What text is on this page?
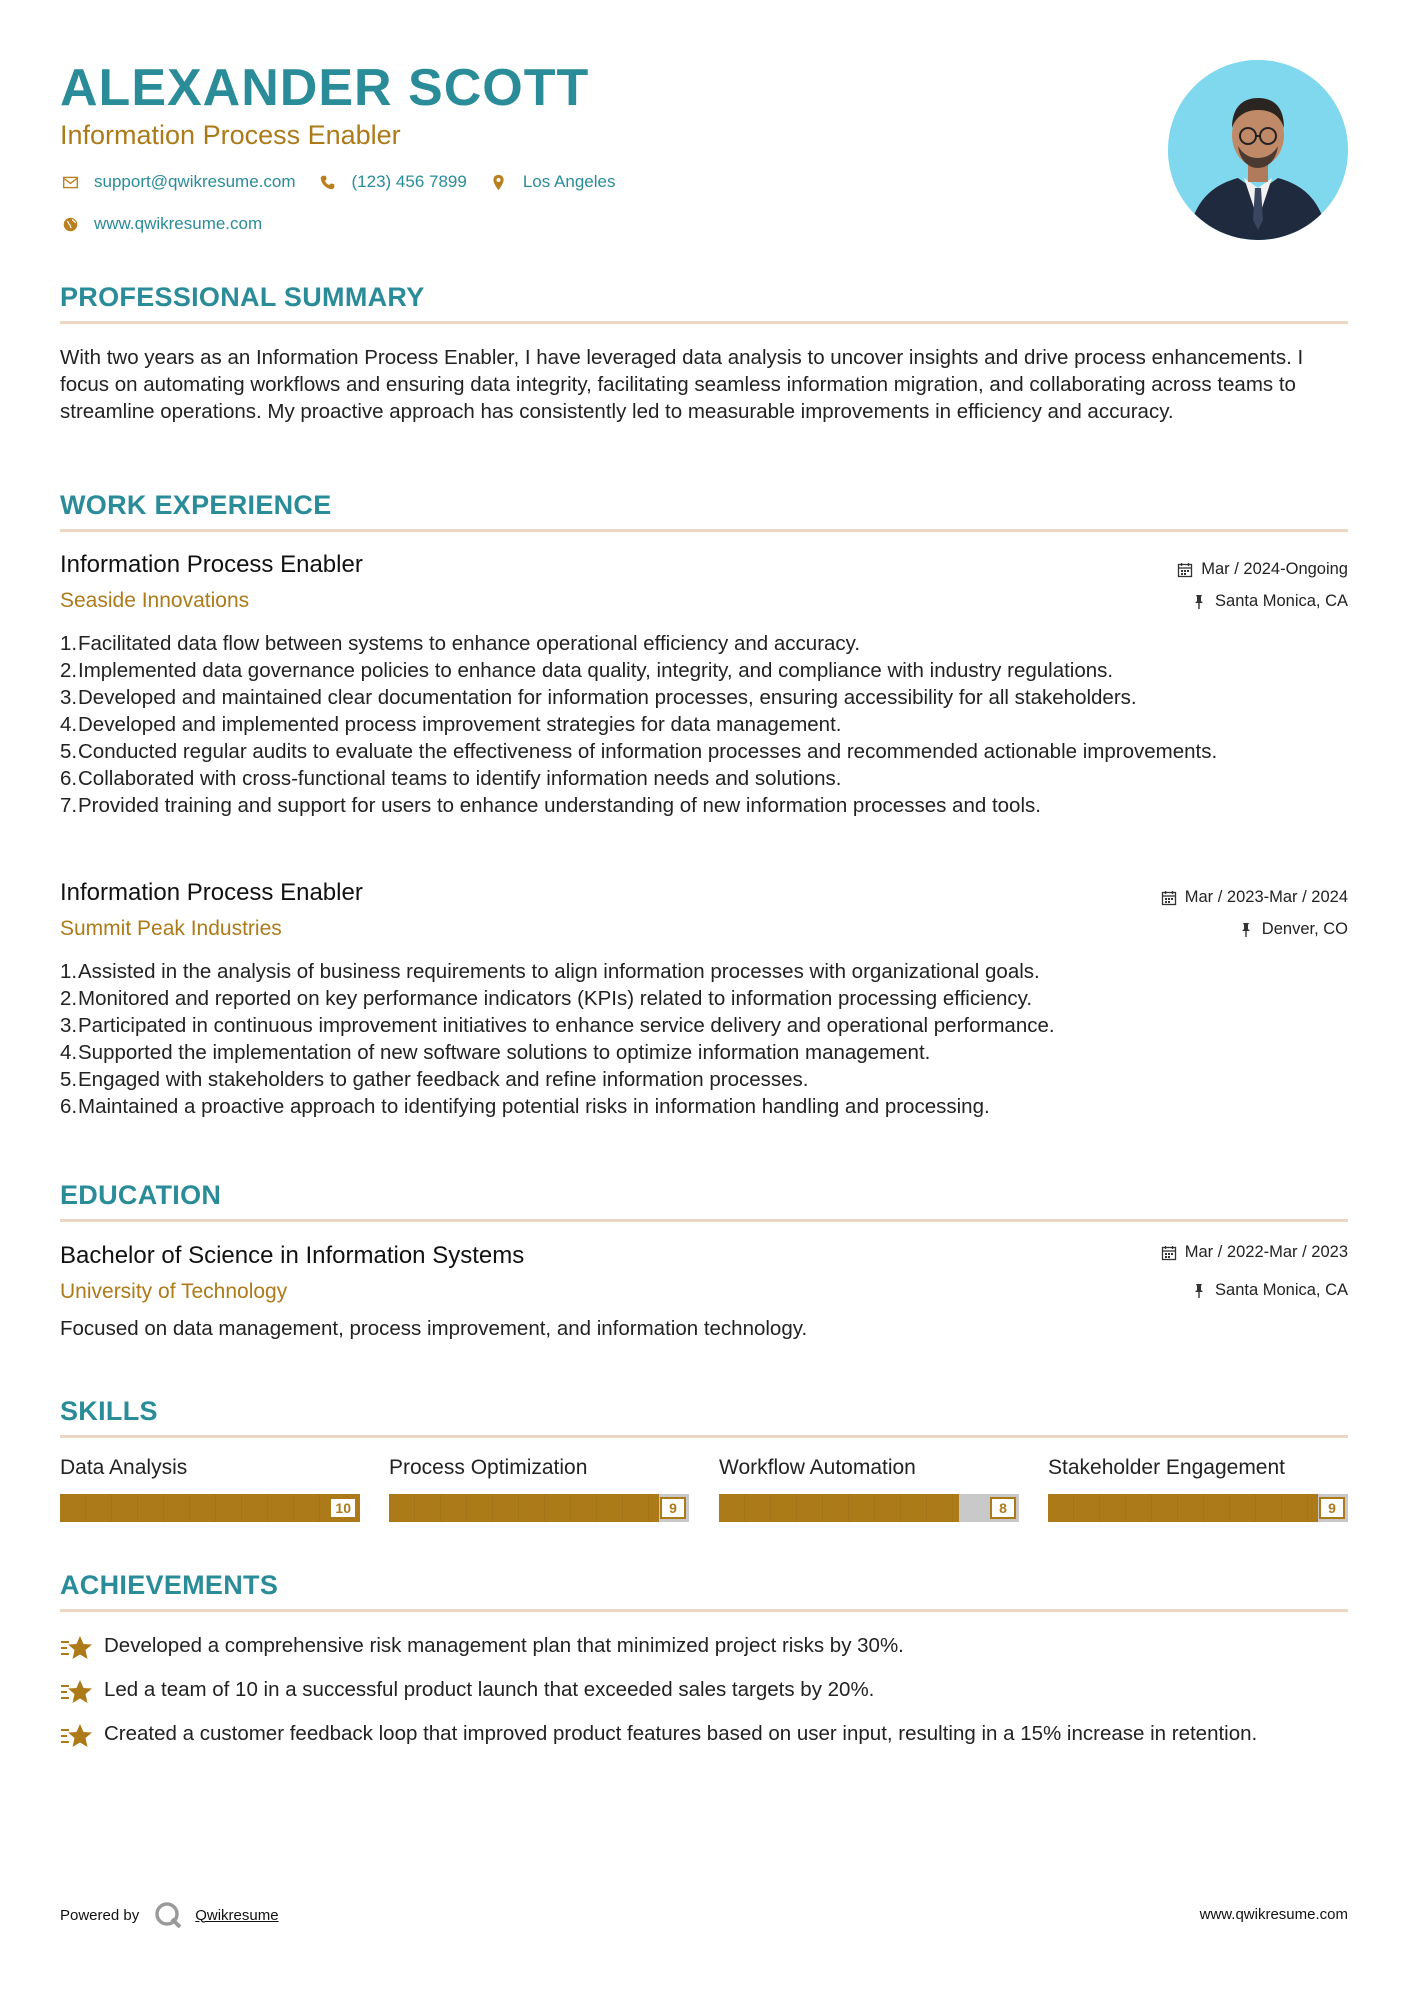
ALEXANDER SCOTT
Information Process Enabler
support@qwikresume.com	(123) 456 7899	Los Angeles
www.qwikresume.com
PROFESSIONAL SUMMARY
With two years as an Information Process Enabler, I have leveraged data analysis to uncover insights and drive process enhancements. I focus on automating workflows and ensuring data integrity, facilitating seamless information migration, and collaborating across teams to streamline operations. My proactive approach has consistently led to measurable improvements in efficiency and accuracy.
WORK EXPERIENCE
Information Process Enabler
Seaside Innovations
Mar / 2024-Ongoing
Santa Monica, CA
1. Facilitated data flow between systems to enhance operational efficiency and accuracy.
2. Implemented data governance policies to enhance data quality, integrity, and compliance with industry regulations.
3. Developed and maintained clear documentation for information processes, ensuring accessibility for all stakeholders.
4. Developed and implemented process improvement strategies for data management.
5. Conducted regular audits to evaluate the effectiveness of information processes and recommended actionable improvements.
6. Collaborated with cross-functional teams to identify information needs and solutions.
7. Provided training and support for users to enhance understanding of new information processes and tools.
Information Process Enabler
Summit Peak Industries
Mar / 2023-Mar / 2024
Denver, CO
1. Assisted in the analysis of business requirements to align information processes with organizational goals.
2. Monitored and reported on key performance indicators (KPIs) related to information processing efficiency.
3. Participated in continuous improvement initiatives to enhance service delivery and operational performance.
4. Supported the implementation of new software solutions to optimize information management.
5. Engaged with stakeholders to gather feedback and refine information processes.
6. Maintained a proactive approach to identifying potential risks in information handling and processing.
EDUCATION
Bachelor of Science in Information Systems
University of Technology
Mar / 2022-Mar / 2023
Santa Monica, CA
Focused on data management, process improvement, and information technology.
SKILLS
Data Analysis
10
Process Optimization
9
Workflow Automation
8
Stakeholder Engagement
9
ACHIEVEMENTS
Developed a comprehensive risk management plan that minimized project risks by 30%.
Led a team of 10 in a successful product launch that exceeded sales targets by 20%.
Created a customer feedback loop that improved product features based on user input, resulting in a 15% increase in retention.
Powered by	Qwikresume	www.qwikresume.com
